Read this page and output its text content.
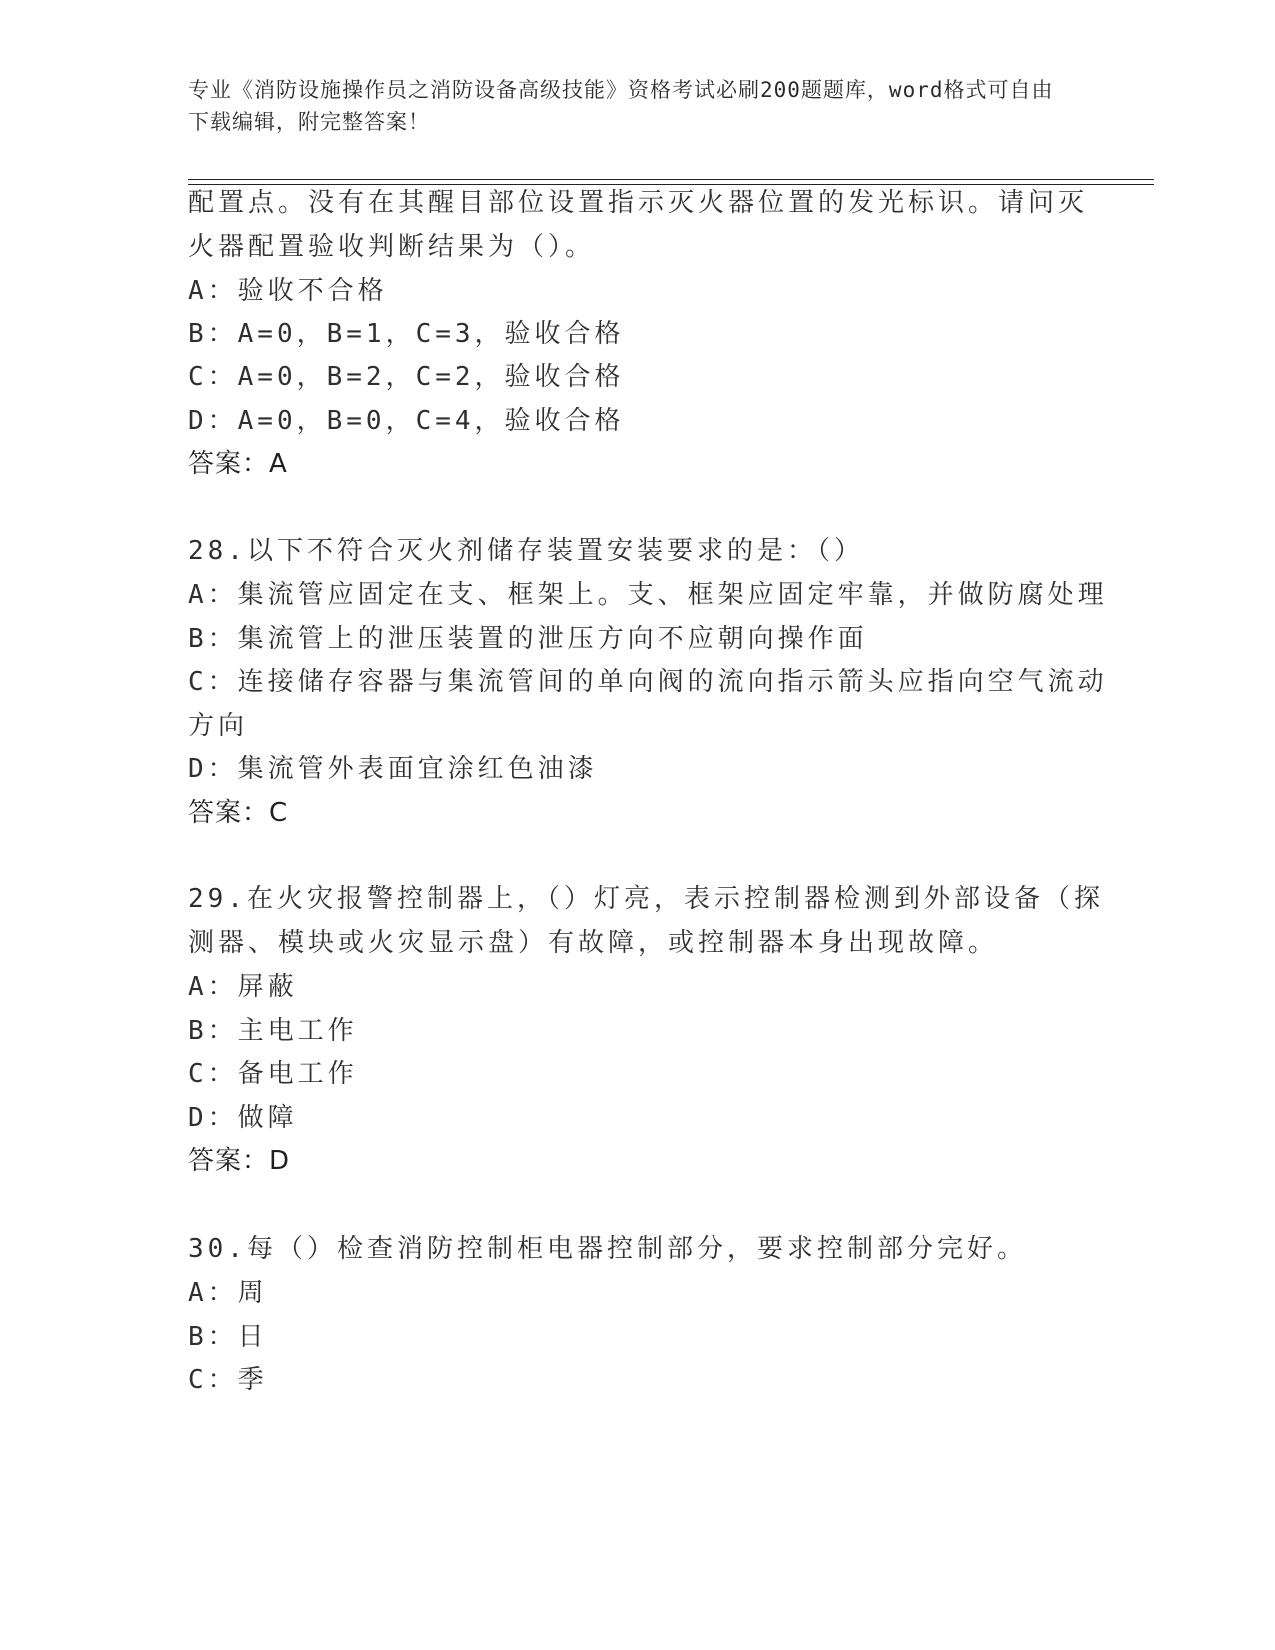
专业《消防设施操作员之消防设备高级技能》资格考试必刷200题题库，word格式可自由下载编辑，附完整答案！
配置点。没有在其醒目部位设置指示灭火器位置的发光标识。请问灭
火器配置验收判断结果为（）。
A：验收不合格
B：A=0，B=1，C=3，验收合格
C：A=0，B=2，C=2，验收合格
D：A=0，B=0，C=4，验收合格
答案：A
28.以下不符合灭火剂储存装置安装要求的是：（）
A：集流管应固定在支、框架上。支、框架应固定牢靠，并做防腐处理
B：集流管上的泄压装置的泄压方向不应朝向操作面
C：连接储存容器与集流管间的单向阀的流向指示箭头应指向空气流动
方向
D：集流管外表面宜涂红色油漆
答案：C
29.在火灾报警控制器上，（）灯亮，表示控制器检测到外部设备（探
测器、模块或火灾显示盘）有故障，或控制器本身出现故障。
A：屏蔽
B：主电工作
C：备电工作
D：做障
答案：D
30.每（）检查消防控制柜电器控制部分，要求控制部分完好。
A：周
B：日
C：季
